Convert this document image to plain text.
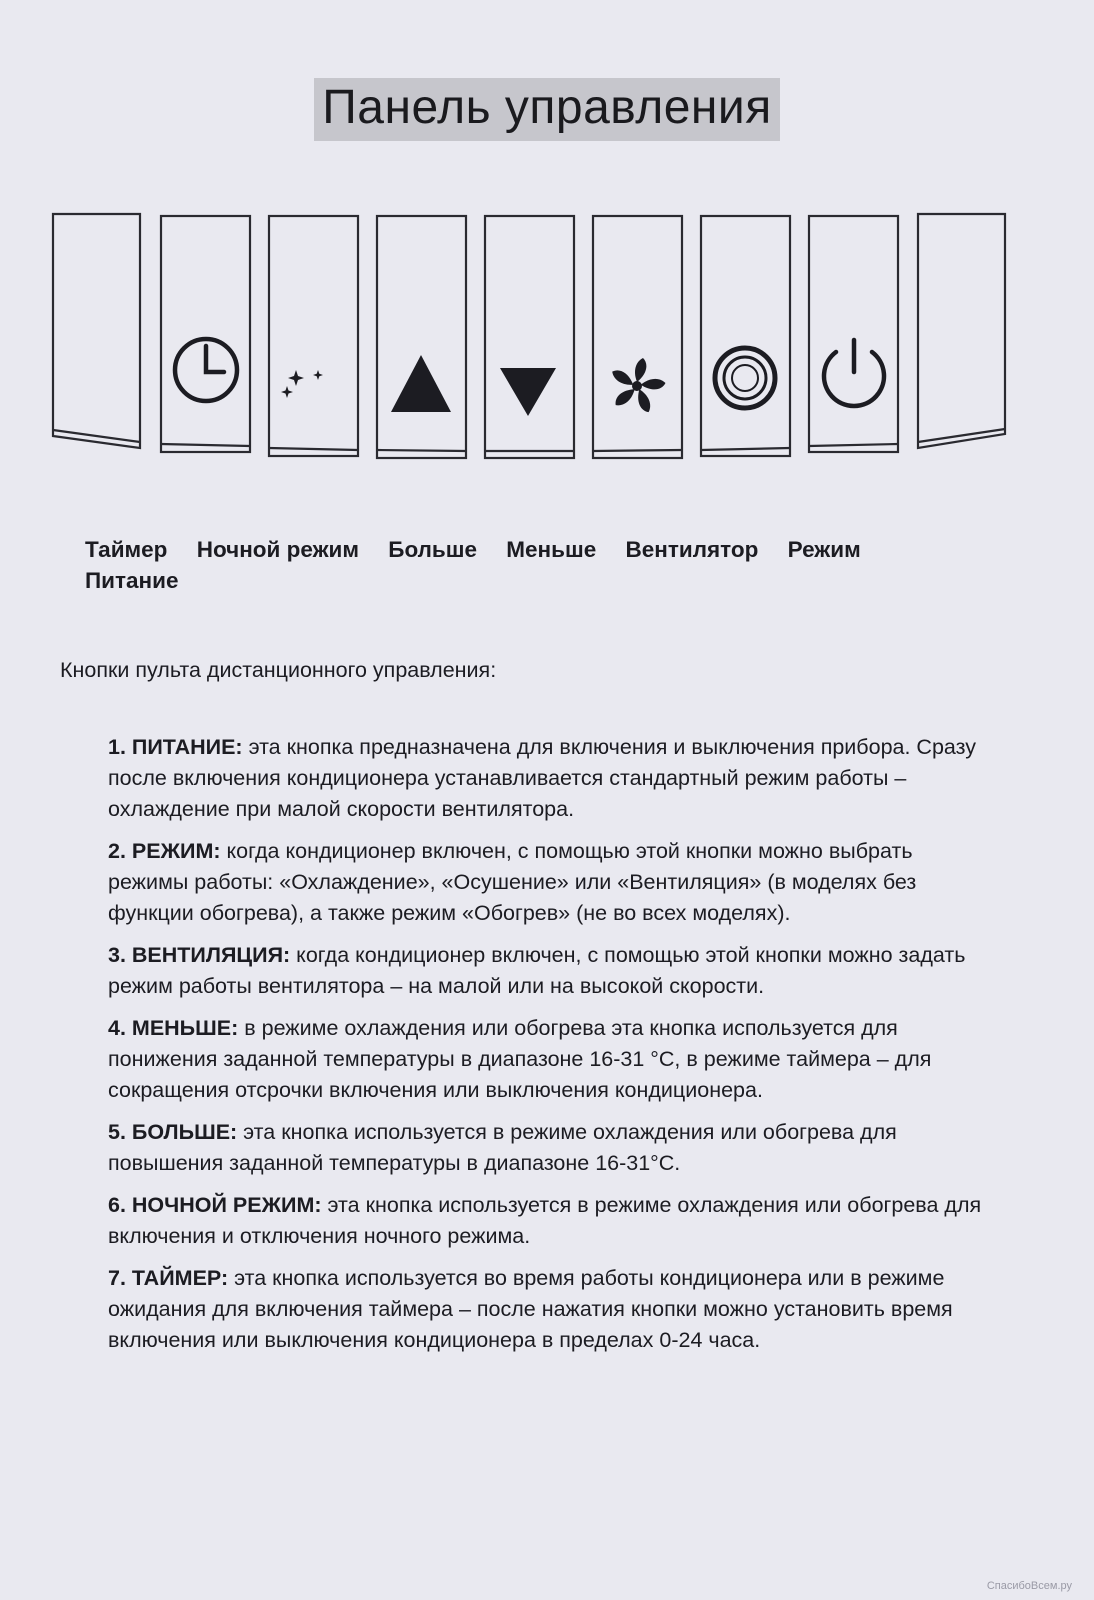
Панель управления
Таймер Ночной режим Больше Меньше Вентилятор Режим
Питание
Кнопки пульта дистанционного управления:

1. ПИТАНИЕ: эта кнопка предназначена для включения и выключения прибора. Сразу после включения кондиционера устанавливается стандартный режим работы – охлаждение при малой скорости вентилятора.

2. РЕЖИМ: когда кондиционер включен, с помощью этой кнопки можно выбрать режимы работы: «Охлаждение», «Осушение» или «Вентиляция» (в моделях без функции обогрева), а также режим «Обогрев» (не во всех моделях).

3. ВЕНТИЛЯЦИЯ: когда кондиционер включен, с помощью этой кнопки можно задать режим работы вентилятора – на малой или на высокой скорости.

4. МЕНЬШЕ: в режиме охлаждения или обогрева эта кнопка используется для понижения заданной температуры в диапазоне 16-31 °С, в режиме таймера – для сокращения отсрочки включения или выключения кондиционера.

5. БОЛЬШЕ: эта кнопка используется в режиме охлаждения или обогрева для повышения заданной температуры в диапазоне 16-31°С.

6. НОЧНОЙ РЕЖИМ: эта кнопка используется в режиме охлаждения или обогрева для включения и отключения ночного режима.

7. ТАЙМЕР: эта кнопка используется во время работы кондиционера или в режиме ожидания для включения таймера – после нажатия кнопки можно установить время включения или выключения кондиционера в пределах 0-24 часа.

СпасибоВсем.ру
